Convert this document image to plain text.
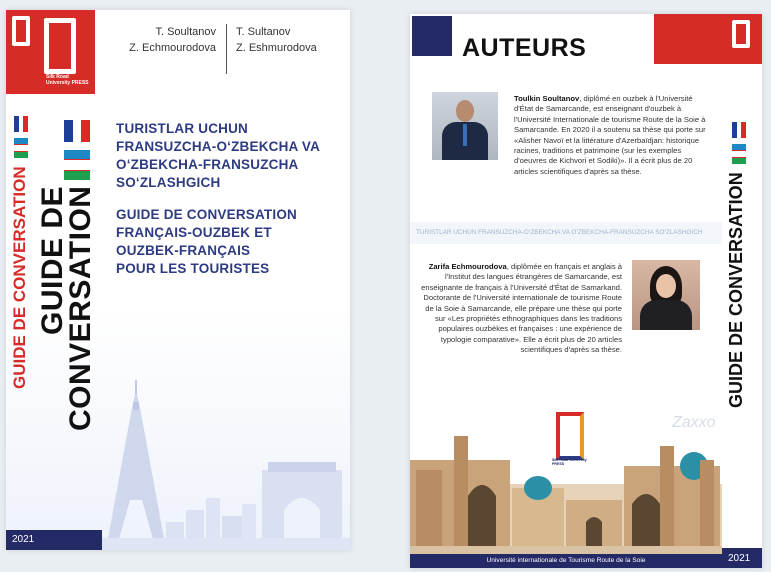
Silk Road University PRESS
T. Soultanov
Z. Echmourodova
T. Sultanov
Z. Eshmurodova
GUIDE DE CONVERSATION GUIDE DE
CONVERSATION

TURISTLAR UCHUN

FRANSUZCHA-O‘ZBEKCHA VA

O‘ZBEKCHA-FRANSUZCHA

SO‘ZLASHGICH

GUIDE DE CONVERSATION

FRANÇAIS-OUZBEK ET

OUZBEK-FRANÇAIS

POUR LES TOURISTES

2021
AUTEURS
GUIDE DE CONVERSATION
2021

Toulkin Soultanov, diplômé en ouzbek à l'Université d'État de Samarcande, est enseignant d'ouzbek à l'Université Internationale de tourisme Route de la Soie à Samarcande. En 2020 il a soutenu sa thèse qui porte sur «Alisher Navoï et la littérature d'Azerbaïdjan: historique racines, traditions et patrimoine (sur les exemples d'oeuvres de Kichvori et Sodiki)». Il a écrit plus de 20 articles scientifiques d'après sa thèse.

TURISTLAR UCHUN FRANSUZCHA-O‘ZBEKCHA VA O‘ZBEKCHA-FRANSUZCHA SO‘ZLASHGICH

Zarifa Echmourodova, diplômée en français et anglais à l'Institut des langues étrangères de Samarcande, est enseignante de français à l'Université d'État de Samarkand. Doctorante de l'Université internationale de tourisme Route de la Soie à Samarcande, elle prépare une thèse qui porte sur «Les propriétés ethnographiques dans les traditions populaires ouzbèkes et françaises : une expérience de typologie comparative». Elle a écrit plus de 20 articles scientifiques d'après sa thèse.

Zaxxo
Silk Road University PRESS
Université internationale de Tourisme Route de la Soie
